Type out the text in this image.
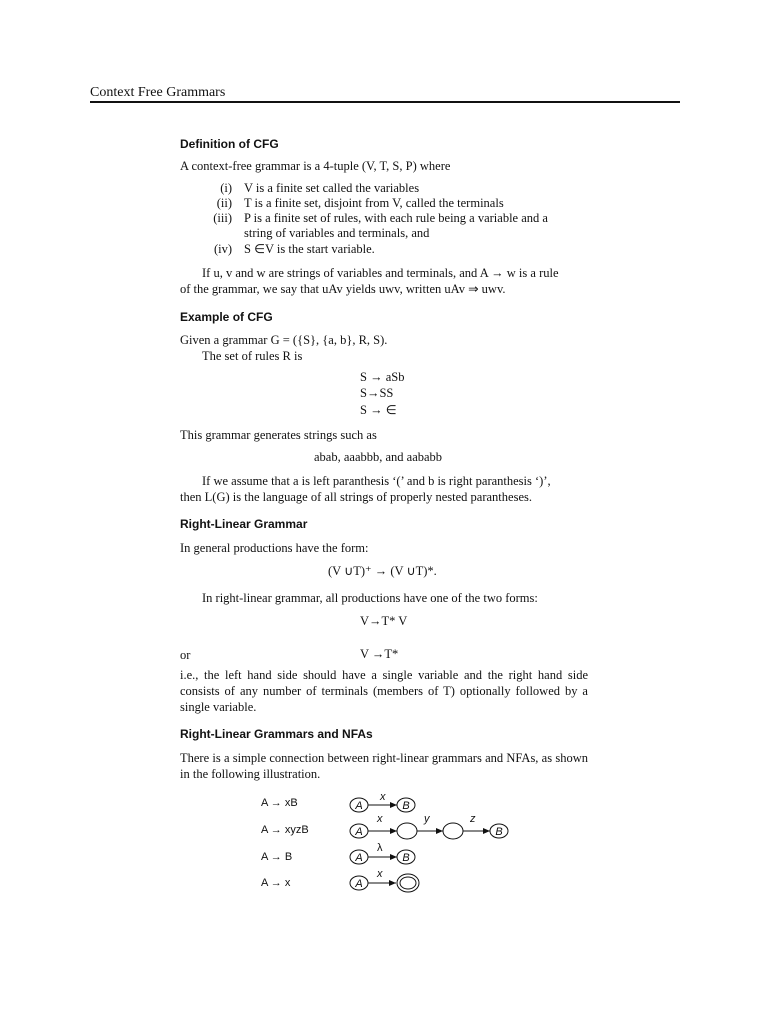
Context Free Grammars
Definition of CFG
A context-free grammar is a 4-tuple (V, T, S, P) where
(i) V is a finite set called the variables
(ii) T is a finite set, disjoint from V, called the terminals
(iii) P is a finite set of rules, with each rule being a variable and a
string of variables and terminals, and
(iv) S ∈V is the start variable.
If u, v and w are strings of variables and terminals, and A → w is a rule
of the grammar, we say that uAv yields uwv, written uAv ⇒ uwv.
Example of CFG
Given a grammar G = ({S}, {a, b}, R, S).
The set of rules R is
S → aSb
S→SS
S → ∈
This grammar generates strings such as
abab, aaabbb, and aababb
If we assume that a is left paranthesis ‘(’ and b is right paranthesis ‘)’,
then L(G) is the language of all strings of properly nested parantheses.
Right-Linear Grammar
In general productions have the form:
(V ∪T)⁺ → (V ∪T)*.
In right-linear grammar, all productions have one of the two forms:
V→T* V
or	V →T*
i.e., the left hand side should have a single variable and the right hand side consists of any number of terminals (members of T) optionally followed by a single variable.
Right-Linear Grammars and NFAs
There is a simple connection between right-linear grammars and NFAs, as shown in the following illustration.
A → xB
A → xyzB
A → B
A → x
A
x
B
A
x	y	z
B
A
λ
B
A
x
